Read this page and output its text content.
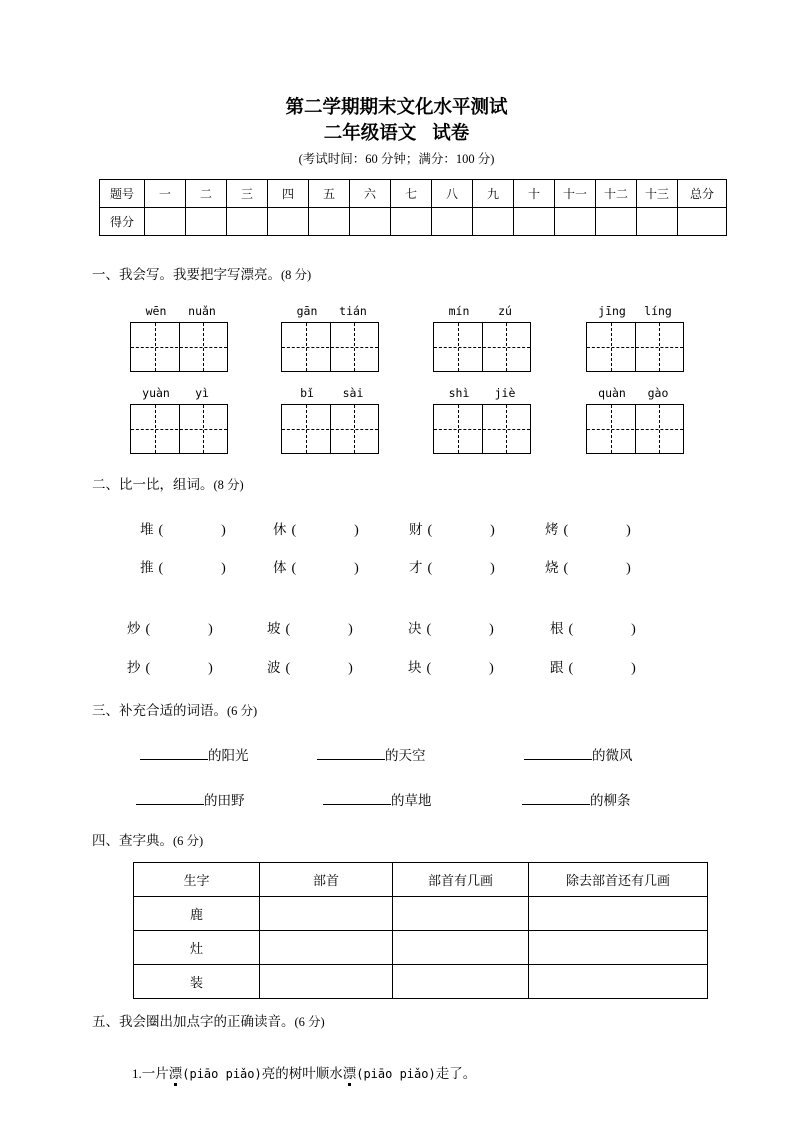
第二学期期末文化水平测试
二年级语文 试卷
(考试时间：60 分钟；满分：100 分)
题号	一	二	三	四	五	六	七	八	九	十	十一	十二	十三	总分
得分														
一、我会写。我要把字写漂亮。(8 分)
wēn nuǎn	gān tián	mín zú	jīng líng
yuàn yì	bǐ sài	shì jiè	quàn gào
二、比一比，组词。(8 分)
堆 (	)	休 (	)	财 (	)	烤 (	)
推 (	)	体 (	)	才 (	)	烧 (	)
炒 (	)	坡 (	)	决 (	)	根 (	)
抄 (	)	波 (	)	块 (	)	跟 (	)
三、补充合适的词语。(6 分)
的阳光	的天空	的微风
的田野	的草地	的柳条
四、查字典。(6 分)
生字	部首	部首有几画	除去部首还有几画
鹿			
灶			
装			
五、我会圈出加点字的正确读音。(6 分)
1.一片漂(piāo piǎo)亮的树叶顺水漂(piāo piǎo)走了。
